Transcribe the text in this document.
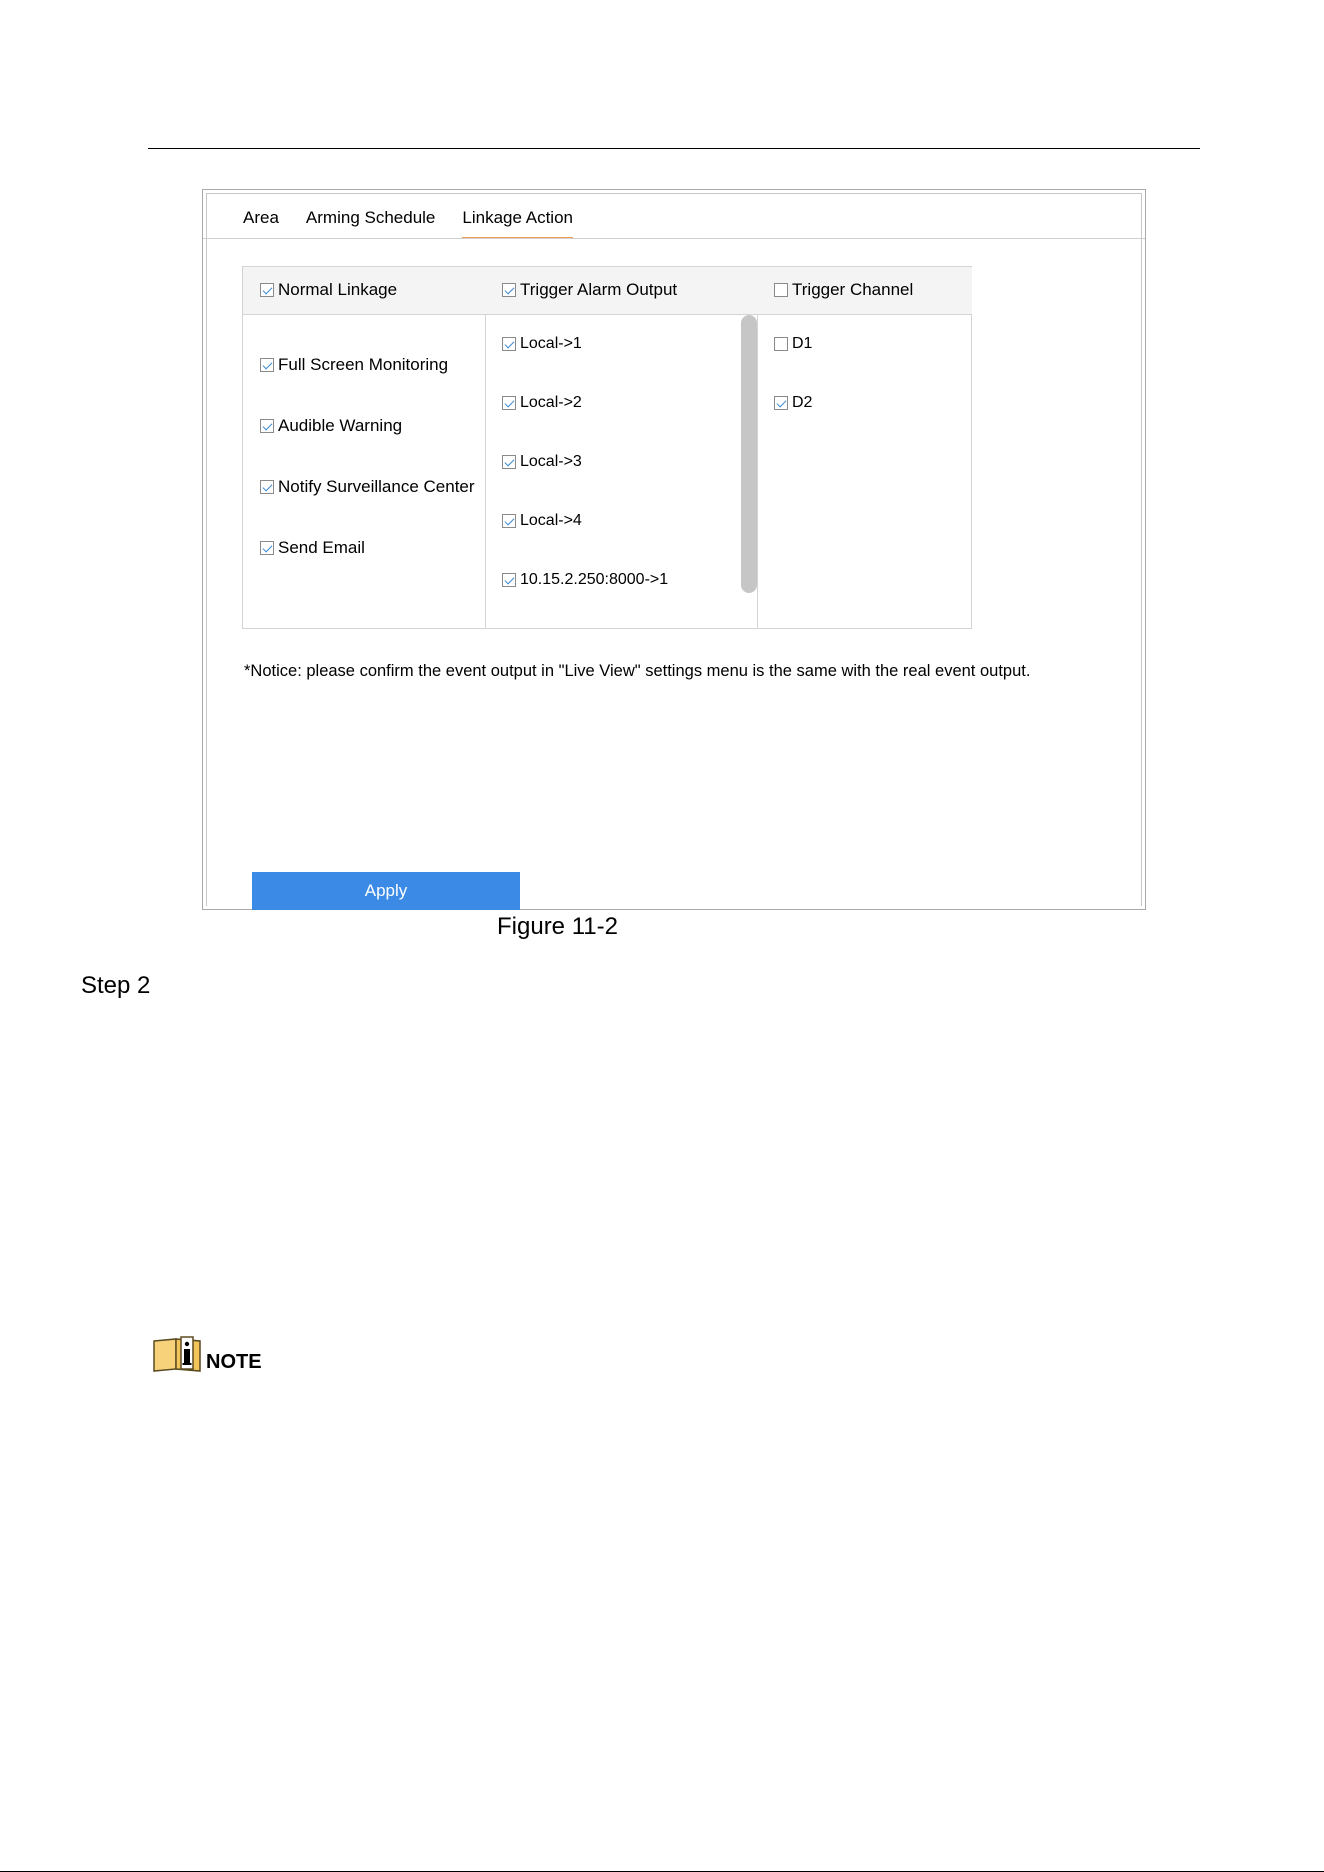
Area Arming Schedule Linkage Action
Normal Linkage
Full Screen Monitoring
Audible Warning
Notify Surveillance Center
Send Email
Trigger Alarm Output
Local->1
Local->2
Local->3
Local->4
10.15.2.250:8000->1
Trigger Channel
D1
D2
*Notice: please confirm the event output in "Live View" settings menu is the same with the real event output.
Apply
Figure 11-2
Step 2
NOTE
